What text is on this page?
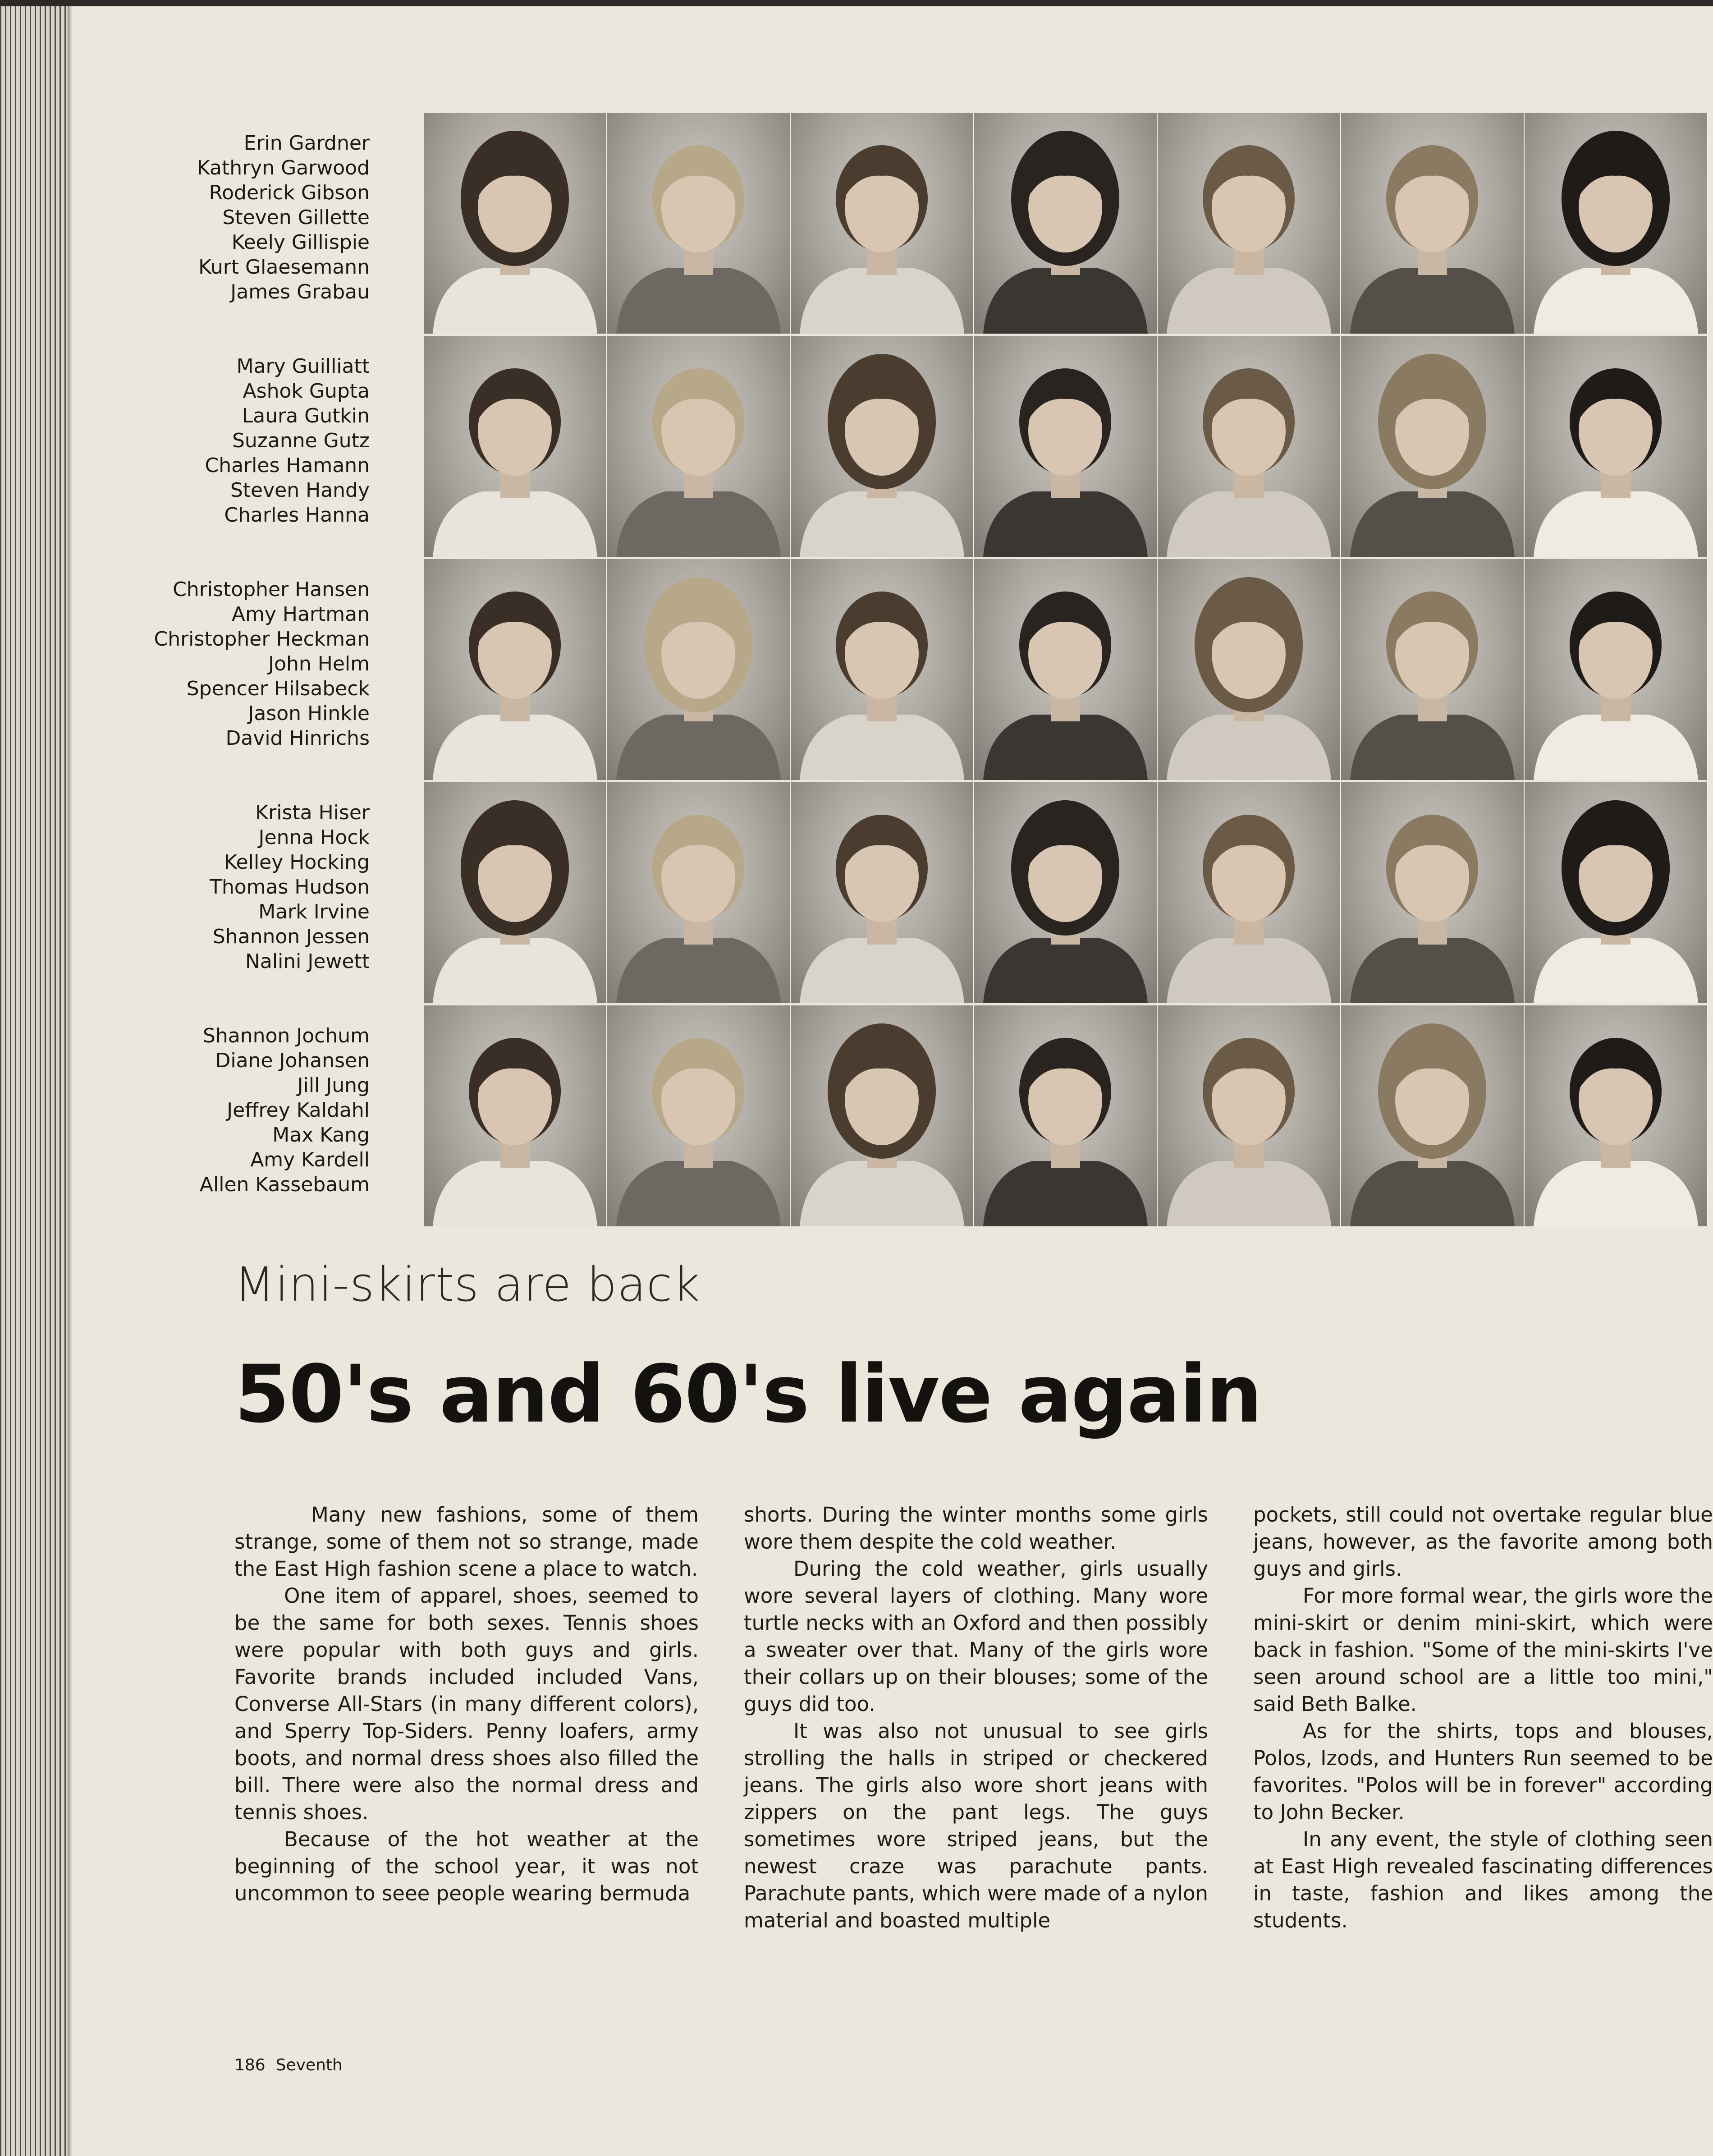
Erin Gardner
Kathryn Garwood
Roderick Gibson
Steven Gillette
Keely Gillispie
Kurt Glaesemann
James Grabau
Mary Guilliatt
Ashok Gupta
Laura Gutkin
Suzanne Gutz
Charles Hamann
Steven Handy
Charles Hanna
Christopher Hansen
Amy Hartman
Christopher Heckman
John Helm
Spencer Hilsabeck
Jason Hinkle
David Hinrichs
Krista Hiser
Jenna Hock
Kelley Hocking
Thomas Hudson
Mark Irvine
Shannon Jessen
Nalini Jewett
Shannon Jochum
Diane Johansen
Jill Jung
Jeffrey Kaldahl
Max Kang
Amy Kardell
Allen Kassebaum
Mini-skirts are back
50's and 60's live again

Many new fashions, some of them strange, some of them not so strange, made the East High fashion scene a place to watch.

One item of apparel, shoes, seemed to be the same for both sexes. Tennis shoes were popular with both guys and girls. Favorite brands included included Vans, Converse All-Stars (in many different colors), and Sperry Top-Siders. Penny loafers, army boots, and normal dress shoes also filled the bill. There were also the normal dress and tennis shoes.

Because of the hot weather at the beginning of the school year, it was not uncommon to seee people wearing bermuda

shorts. During the winter months some girls wore them despite the cold weather.

During the cold weather, girls usually wore several layers of clothing. Many wore turtle necks with an Oxford and then possibly a sweater over that. Many of the girls wore their collars up on their blouses; some of the guys did too.

It was also not unusual to see girls strolling the halls in striped or checkered jeans. The girls also wore short jeans with zippers on the pant legs. The guys sometimes wore striped jeans, but the newest craze was parachute pants. Parachute pants, which were made of a nylon material and boasted multiple

pockets, still could not overtake regular blue jeans, however, as the favorite among both guys and girls.

For more formal wear, the girls wore the mini-skirt or denim mini-skirt, which were back in fashion. "Some of the mini-skirts I've seen around school are a little too mini," said Beth Balke.

As for the shirts, tops and blouses, Polos, Izods, and Hunters Run seemed to be favorites. "Polos will be in forever" according to John Becker.

In any event, the style of clothing seen at East High revealed fascinating differences in taste, fashion and likes among the students.

186 Seventh
